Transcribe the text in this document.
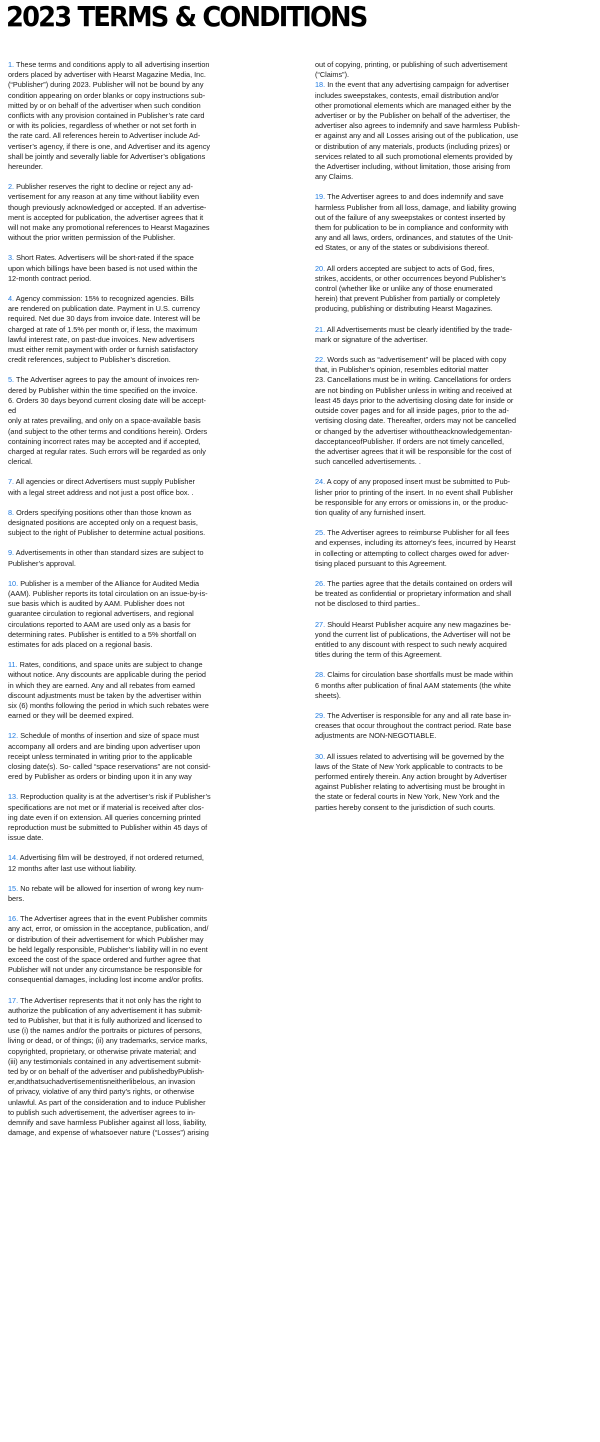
2023 TERMS & CONDITIONS

1. These terms and conditions apply to all advertising insertion
orders placed by advertiser with Hearst Magazine Media, Inc.
(“Publisher”) during 2023. Publisher will not be bound by any
condition appearing on order blanks or copy instructions sub-
mitted by or on behalf of the advertiser when such condition
conflicts with any provision contained in Publisher’s rate card
or with its policies, regardless of whether or not set forth in
the rate card. All references herein to Advertiser include Ad-
vertiser’s agency, if there is one, and Advertiser and its agency
shall be jointly and severally liable for Advertiser’s obligations
hereunder.

2. Publisher reserves the right to decline or reject any ad-
vertisement for any reason at any time without liability even
though previously acknowledged or accepted. If an advertise-
ment is accepted for publication, the advertiser agrees that it
will not make any promotional references to Hearst Magazines
without the prior written permission of the Publisher.

3. Short Rates. Advertisers will be short-rated if the space
upon which billings have been based is not used within the
12-month contract period.

4. Agency commission: 15% to recognized agencies. Bills
are rendered on publication date. Payment in U.S. currency
required. Net due 30 days from invoice date. Interest will be
charged at rate of 1.5% per month or, if less, the maximum
lawful interest rate, on past-due invoices. New advertisers
must either remit payment with order or furnish satisfactory
credit references, subject to Publisher’s discretion.

5. The Advertiser agrees to pay the amount of invoices ren-
dered by Publisher within the time specified on the invoice.
6. Orders 30 days beyond current closing date will be accept-
ed
only at rates prevailing, and only on a space-available basis
(and subject to the other terms and conditions herein). Orders
containing incorrect rates may be accepted and if accepted,
charged at regular rates. Such errors will be regarded as only
clerical.

7. All agencies or direct Advertisers must supply Publisher
with a legal street address and not just a post office box. .

8. Orders specifying positions other than those known as
designated positions are accepted only on a request basis,
subject to the right of Publisher to determine actual positions.

9. Advertisements in other than standard sizes are subject to
Publisher’s approval.

10. Publisher is a member of the Alliance for Audited Media
(AAM). Publisher reports its total circulation on an issue-by-is-
sue basis which is audited by AAM. Publisher does not
guarantee circulation to regional advertisers, and regional
circulations reported to AAM are used only as a basis for
determining rates. Publisher is entitled to a 5% shortfall on
estimates for ads placed on a regional basis.

11. Rates, conditions, and space units are subject to change
without notice. Any discounts are applicable during the period
in which they are earned. Any and all rebates from earned
discount adjustments must be taken by the advertiser within
six (6) months following the period in which such rebates were
earned or they will be deemed expired.

12. Schedule of months of insertion and size of space must
accompany all orders and are binding upon advertiser upon
receipt unless terminated in writing prior to the applicable
closing date(s). So- called “space reservations” are not consid-
ered by Publisher as orders or binding upon it in any way

13. Reproduction quality is at the advertiser’s risk if Publisher’s
specifications are not met or if material is received after clos-
ing date even if on extension. All queries concerning printed
reproduction must be submitted to Publisher within 45 days of
issue date.

14. Advertising film will be destroyed, if not ordered returned,
12 months after last use without liability.

15. No rebate will be allowed for insertion of wrong key num-
bers.

16. The Advertiser agrees that in the event Publisher commits
any act, error, or omission in the acceptance, publication, and/
or distribution of their advertisement for which Publisher may
be held legally responsible, Publisher’s liability will in no event
exceed the cost of the space ordered and further agree that
Publisher will not under any circumstance be responsible for
consequential damages, including lost income and/or profits.

17. The Advertiser represents that it not only has the right to
authorize the publication of any advertisement it has submit-
ted to Publisher, but that it is fully authorized and licensed to
use (i) the names and/or the portraits or pictures of persons,
living or dead, or of things; (ii) any trademarks, service marks,
copyrighted, proprietary, or otherwise private material; and
(iii) any testimonials contained in any advertisement submit-
ted by or on behalf of the advertiser and publishedbyPublish-
er,andthatsuchadvertisementisneitherlibelous, an invasion
of privacy, violative of any third party’s rights, or otherwise
unlawful. As part of the consideration and to induce Publisher
to publish such advertisement, the advertiser agrees to in-
demnify and save harmless Publisher against all loss, liability,
damage, and expense of whatsoever nature (“Losses”) arising

out of copying, printing, or publishing of such advertisement
(“Claims”).

18. In the event that any advertising campaign for advertiser
includes sweepstakes, contests, email distribution and/or
other promotional elements which are managed either by the
advertiser or by the Publisher on behalf of the advertiser, the
advertiser also agrees to indemnify and save harmless Publish-
er against any and all Losses arising out of the publication, use
or distribution of any materials, products (including prizes) or
services related to all such promotional elements provided by
the Advertiser including, without limitation, those arising from
any Claims.

19. The Advertiser agrees to and does indemnify and save
harmless Publisher from all loss, damage, and liability growing
out of the failure of any sweepstakes or contest inserted by
them for publication to be in compliance and conformity with
any and all laws, orders, ordinances, and statutes of the Unit-
ed States, or any of the states or subdivisions thereof.

20. All orders accepted are subject to acts of God, fires,
strikes, accidents, or other occurrences beyond Publisher’s
control (whether like or unlike any of those enumerated
herein) that prevent Publisher from partially or completely
producing, publishing or distributing Hearst Magazines.

21. All Advertisements must be clearly identified by the trade-
mark or signature of the advertiser.

22. Words such as “advertisement” will be placed with copy
that, in Publisher’s opinion, resembles editorial matter
23. Cancellations must be in writing. Cancellations for orders
are not binding on Publisher unless in writing and received at
least 45 days prior to the advertising closing date for inside or
outside cover pages and for all inside pages, prior to the ad-
vertising closing date. Thereafter, orders may not be cancelled
or changed by the advertiser withouttheacknowledgementan-
dacceptanceofPublisher. If orders are not timely cancelled,
the advertiser agrees that it will be responsible for the cost of
such cancelled advertisements. .

24. A copy of any proposed insert must be submitted to Pub-
lisher prior to printing of the insert. In no event shall Publisher
be responsible for any errors or omissions in, or the produc-
tion quality of any furnished insert.

25. The Advertiser agrees to reimburse Publisher for all fees
and expenses, including its attorney’s fees, incurred by Hearst
in collecting or attempting to collect charges owed for adver-
tising placed pursuant to this Agreement.

26. The parties agree that the details contained on orders will
be treated as confidential or proprietary information and shall
not be disclosed to third parties..

27. Should Hearst Publisher acquire any new magazines be-
yond the current list of publications, the Advertiser will not be
entitled to any discount with respect to such newly acquired
titles during the term of this Agreement.

28. Claims for circulation base shortfalls must be made within
6 months after publication of final AAM statements (the white
sheets).

29. The Advertiser is responsible for any and all rate base in-
creases that occur throughout the contract period. Rate base
adjustments are NON-NEGOTIABLE.

30. All issues related to advertising will be governed by the
laws of the State of New York applicable to contracts to be
performed entirely therein. Any action brought by Advertiser
against Publisher relating to advertising must be brought in
the state or federal courts in New York, New York and the
parties hereby consent to the jurisdiction of such courts.
